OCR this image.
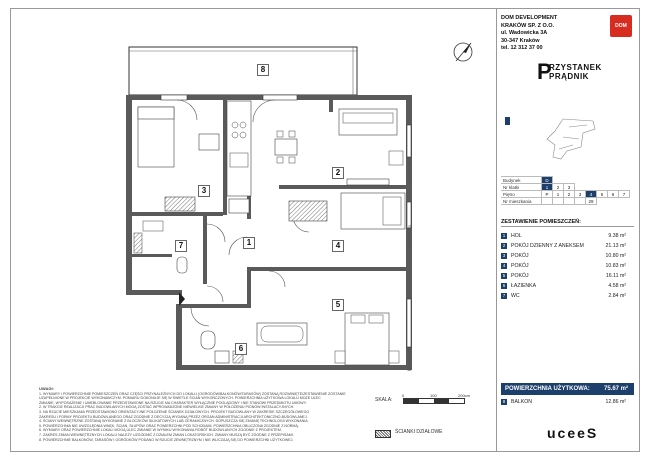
8
2
3
1	4
7
5
6
h=50-60 cm
h=50-60 cm
h=50-60 cm
UWAGI:
1. WYMIARY I POWIERZCHNIE POMIESZCZEŃ ORAZ CZĘŚCI PRZYNALEŻNYCH DO LOKALU (OGRODÓW/BALKONÓW/TARASÓW) ZOSTANĄ ROZWINIĘTE/ZESTAWIENIE ZOSTANIE
UZUPEŁNIONE W PROJEKCIE WYKONAWCZYM. POMIARU DOKONUJE SIĘ W ŚWIETLE ŚCIAN WYKOŃCZONYCH. POWIERZCHNIA UŻYTKOWA LOKALU MOŻE ULEC
ZMIANIE. WYPOSAŻENIE I UMEBLOWANIE PRZEDSTAWIONE NA RZUCIE MA CHARAKTER WYŁĄCZNIE POGLĄDOWY I NIE STANOWI PRZEDMIOTU UMOWY.
2. W TRAKCIE REALIZACJI PRAC BUDOWLANYCH MOGĄ ZOSTAĆ WPROWADZONE NIEWIELKIE ZMIANY W POŁOŻENIU PIONÓW INSTALACYJNYCH.
3. NA RZUCIE MIESZKANIA PRZEDSTAWIONO ORIENTACYJNE POŁOŻENIE ŚCIANEK DZIAŁOWYCH. PROJEKT BUDOWLANY W ZAKRESIE SZCZEGÓŁOWEGO
ZAKRESU I FORMY PROJEKTU BUDOWLANEGO ORAZ ZGODNIE Z DECYZJĄ WYDANĄ PRZEZ ORGAN ADMINISTRACJI ARCHITEKTONICZNO-BUDOWLANEJ.
4. ŚCIANY WEWNĘTRZNE ZOSTANĄ WYKONANE Z BLOCZKÓW SILIKATOWYCH LUB CERAMICZNYCH. DOPUSZCZA SIĘ ZMIANĘ TECHNOLOGII WYKONANIA.
5. POWIERZCHNIA NIE UWZGLĘDNIA WNĘK, ŚCIAN, SŁUPÓW ORAZ POWIERZCHNI POD SCHODAMI. POWIERZCHNIA OBLICZONA ZGODNIE Z NORMĄ.
6. WYMIARY ORAZ POWIERZCHNIE LOKALI MOGĄ ULEC ZMIANIE W WYNIKU WYKONANIA ROBÓT BUDOWLANYCH ZGODNIE Z PROJEKTEM.
7. ZAKRES ZMIAN WEWNĘTRZNYCH LOKALU NALEŻY UZGODNIĆ Z DZIAŁEM ZMIAN LOKATORSKICH. ZMIANY MUSZĄ BYĆ ZGODNE Z PRZEPISAMI.
8. POWIERZCHNIE BALKONÓW, TARASÓW I OGRÓDKÓW PODANO W RZUCIE ZEWNĘTRZNYM I NIE WLICZAJĄ SIĘ DO POWIERZCHNI UŻYTKOWEJ.
SKALA:
0	100	200cm
ŚCIANKI DZIAŁOWE
DOM DEVELOPMENT
KRAKÓW SP. Z O.O.
ul. Wadowicka 3A
30-347 Kraków
tel. 12 312 37 00
DOM
P
RZYSTANEK
PRĄDNIK
Budynek	D							
Nr klatki	1	2	3					
Piętro	P	1	2	3	4	5	6	7
Nr mieszkania					29			
ZESTAWIENIE POMIESZCZEŃ:
1	HOL	9.38 m²
2	POKÓJ DZIENNY Z ANEKSEM	21.13 m²
3	POKÓJ	10.80 m²
4	POKÓJ	10.83 m²
5	POKÓJ	16.11 m²
6	ŁAZIENKA	4.58 m²
7	WC	2.84 m²
POWIERZCHNIA UŻYTKOWA: 75.67 m²
8	BALKON	12.86 m²
uceeS
